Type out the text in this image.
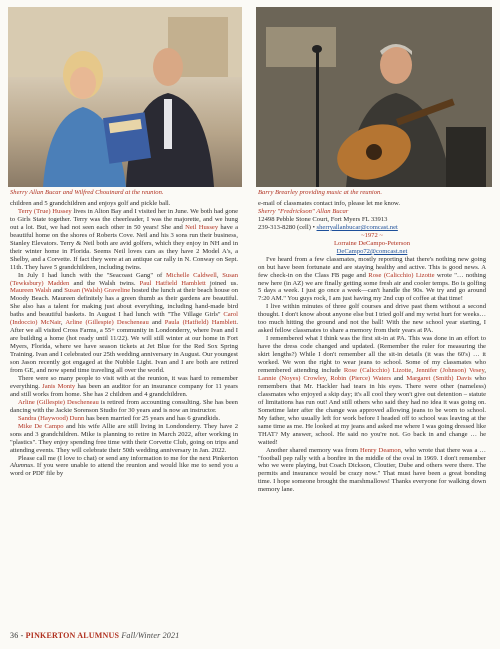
Sherry Allan Bucar and Wilfred Chouinard at the reunion.	Barry Brearley providing music at the reunion.

children and 5 grandchildren and enjoys golf and pickle ball.

Terry (True) Hussey lives in Alton Bay and I visited her in June. We both had gone to Girls State together. Terry was the cheerleader, I was the majorette, and we hung out a lot. But, we had not seen each other in 50 years! She and Neil Hussey have a beautiful home on the shores of Roberts Cove. Neil and his 3 sons run their business, Stanley Elevators. Terry & Neil both are avid golfers, which they enjoy in NH and in their winter home in Florida. Seems Neil loves cars as they have 2 Model A's, a Shelby, and a Corvette. If fact they were at an antique car rally in N. Conway on Sept. 11th. They have 5 grandchildren, including twins.

In July I had lunch with the "Seacoast Gang" of Michelle Caldwell, Susan (Tewksbury) Madden and the Walsh twins. Paul Hatfield Hamblett joined us. Maureen Walsh and Susan (Walsh) Graveline hosted the lunch at their beach house on Moody Beach. Maureen definitely has a green thumb as their gardens are beautiful. She also has a talent for making just about everything, including hand-made bird baths and beautiful baskets. In August I had lunch with "The Village Girls" Carol (Indoccio) McNair, Arline (Gillespie) Descheneau and Paula (Hatfield) Hamblett. After we all visited Cross Farms, a 55+ community in Londonderry, where Ivan and I are building a home (hot ready until 11/22). We will still winter at our home in Fort Myers, Florida, where we have season tickets at Jet Blue for the Red Sox Spring Training. Ivan and I celebrated our 25th wedding anniversary in August. Our youngest son Jason recently got engaged at the Nubble Light. Ivan and I are both are retired from GE, and now spend time traveling all over the world.

There were so many people to visit with at the reunion, it was hard to remember everything. Janis Monty has been an auditor for an insurance company for 11 years and still works from home. She has 2 children and 4 grandchildren.

Arline (Gillespie) Descheneau is retired from accounting consulting. She has been dancing with the Jackie Sorenson Studio for 30 years and is now an instructor.

Sandra (Haywood) Dunn has been married for 25 years and has 6 grandkids.

Mike De Campo and his wife Allie are still living in Londonderry. They have 2 sons and 3 grandchildren. Mike is planning to retire in March 2022, after working in "plastics". They enjoy spending free time with their Corvette Club, going on trips and attending events. They will celebrate their 50th wedding anniversary in Jan. 2022.

Please call me (I love to chat) or send any information to me for the next Pinkerton Alumnus. If you were unable to attend the reunion and would like me to send you a word or PDF file by

e-mail of classmates contact info, please let me know.

Sherry "Fredrickson" Allan Bucar

12498 Pebble Stone Court, Fort Myers FL 33913

239-313-8280 (cell) • sherryallanbucar@comcast.net

~1972 ~

Lorraine DeCampo-Peterson

DeCampo72@comcast.net

I've heard from a few classmates, mostly reporting that there's nothing new going on but have been fortunate and are staying healthy and active. This is good news. A few check-in on the Class FB page and Rose (Calicchio) Lizotte wrote "… nothing new here (in AZ) we are finally getting some fresh air and cooler temps. Bo is golfing 5 days a week. I just go once a week—can't handle the 90s. We try and go around 7:20 AM." You guys rock, I am just having my 2nd cup of coffee at that time!

I live within minutes of three golf courses and drive past them without a second thought. I don't know about anyone else but I tried golf and my wrist hurt for weeks… too much hitting the ground and not the ball! With the new school year starting, I asked fellow classmates to share a memory from their years at PA.

I remembered what I think was the first sit-in at PA. This was done in an effort to have the dress code changed and updated. (Remember the ruler for measuring the skirt lengths?) While I don't remember all the sit-in details (it was the 60's) … it worked. We won the right to wear jeans to school. Some of my classmates who remembered attending include Rose (Calicchio) Lizotte, Jennifer (Johnson) Vesey, Lannie (Noyes) Crowley, Robin (Pierce) Waters and Margaret (Smith) Davis who remembers that Mr. Hackler had tears in his eyes. There were other (nameless) classmates who enjoyed a skip day; it's all cool they won't give out detention – statute of limitations has run out! And still others who said they had no idea it was going on. Sometime later after the change was approved allowing jeans to be worn to school. My father, who usually left for work before I headed off to school was leaving at the same time as me. He looked at my jeans and asked me where I was going dressed like THAT? My answer, school. He said no you're not. Go back in and change … he waited!

Another shared memory was from Henry Deamon, who wrote that there was a … "football pep rally with a bonfire in the middle of the oval in 1969. I don't remember who we were playing, but Coach Dickson, Cloutier, Dube and others were there. The permits and insurance would be crazy now." That must have been a great bonding time. I hope someone brought the marshmallows! Thanks everyone for walking down memory lane.

36 - PINKERTON ALUMNUS Fall/Winter 2021
